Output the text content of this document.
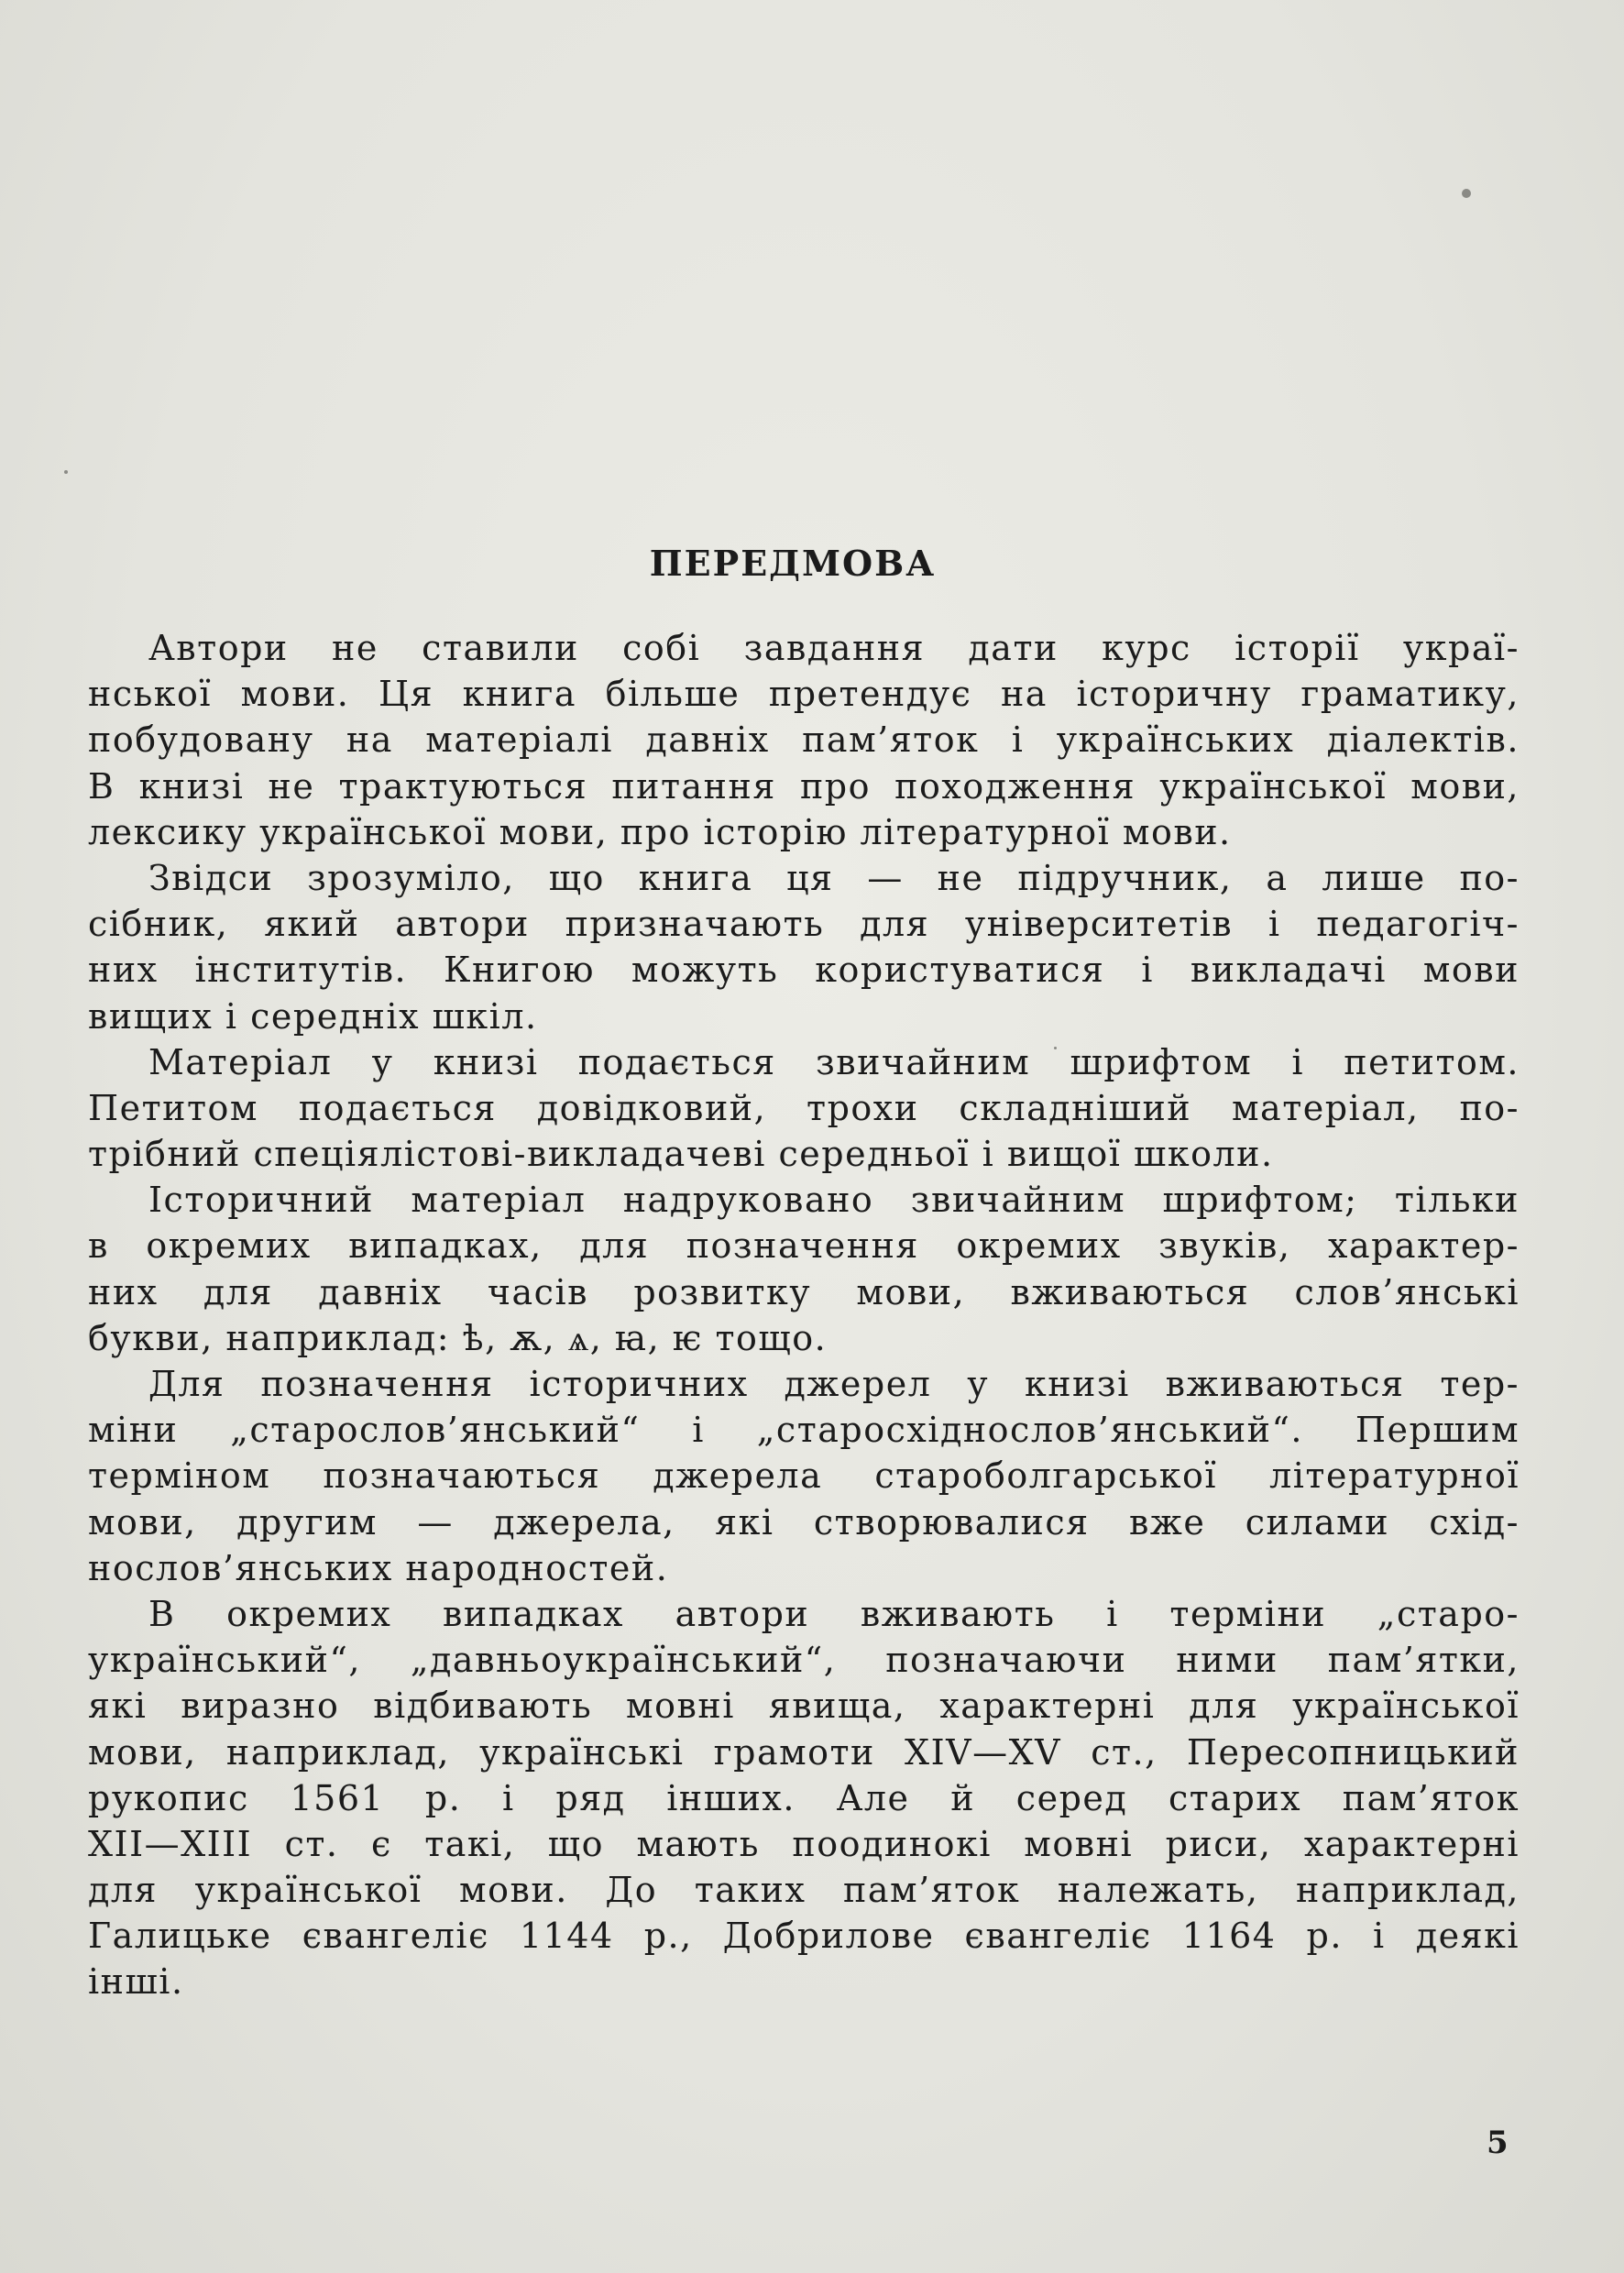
ПЕРЕДМОВА
Автори не ставили собі завдання дати курс історії украї-
нської мови. Ця книга більше претендує на історичну граматику,
побудовану на матеріалі давніх пам’яток і українських діалектів.
В книзі не трактуються питання про походження української мови,
лексику української мови, про історію літературної мови.
Звідси зрозуміло, що книга ця — не підручник, а лише по-
сібник, який автори призначають для університетів і педагогіч-
них інститутів. Книгою можуть користуватися і викладачі мови
вищих і середніх шкіл.
Матеріал у книзі подається звичайним шрифтом і петитом.
Петитом подається довідковий, трохи складніший матеріал, по-
трібний спеціялістові-викладачеві середньої і вищої школи.
Історичний матеріал надруковано звичайним шрифтом; тільки
в окремих випадках, для позначення окремих звуків, характер-
них для давніх часів розвитку мови, вживаються слов’янські
букви, наприклад: ѣ, ѫ, ѧ, ꙗ, ѥ тощо.
Для позначення історичних джерел у книзі вживаються тер-
міни „старослов’янський“ і „старосхіднослов’янський“. Першим
терміном позначаються джерела староболгарської літературної
мови, другим — джерела, які створювалися вже силами схід-
нослов’янських народностей.
В окремих випадках автори вживають і терміни „старо-
український“, „давньоукраїнський“, позначаючи ними пам’ятки,
які виразно відбивають мовні явища, характерні для української
мови, наприклад, українські грамоти XIV—XV ст., Пересопницький
рукопис 1561 р. і ряд інших. Але й серед старих пам’яток
XII—XIII ст. є такі, що мають поодинокі мовні риси, характерні
для української мови. До таких пам’яток належать, наприклад,
Галицьке євангеліє 1144 р., Добрилове євангеліє 1164 р. і деякі
інші.
5
